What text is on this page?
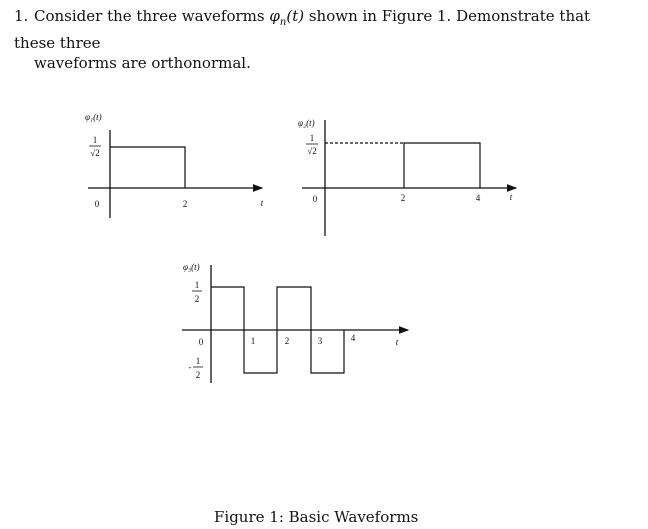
1. Consider the three waveforms $\varphi_n(t)$ shown in Figure 1. Demonstrate that these three
waveforms are orthonormal.
φ₁(t)
1
√2
0	2	t
φ₂(t)
1
√2
0	2	4	t
φ₃(t)
1
2
0
-
1
2
1	2	3	4	t
Figure 1: Basic Waveforms
